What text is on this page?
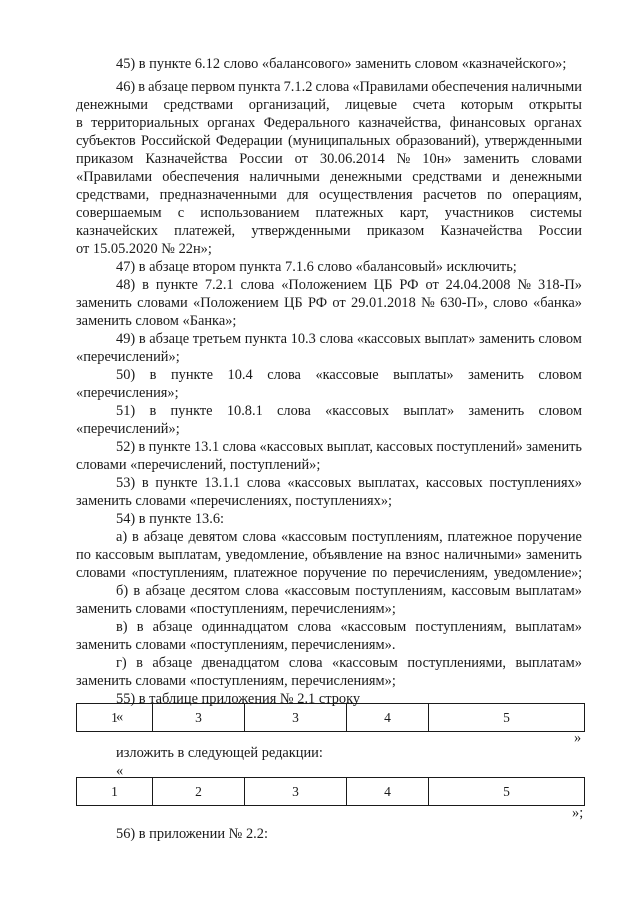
45) в пункте 6.12 слово «балансового» заменить словом «казначейского»;
46) в абзаце первом пункта 7.1.2 слова «Правилами обеспечения наличными
денежными средствами организаций, лицевые счета которым открыты
в территориальных органах Федерального казначейства, финансовых органах
субъектов Российской Федерации (муниципальных образований), утвержденными
приказом Казначейства России от 30.06.2014 № 10н» заменить словами
«Правилами обеспечения наличными денежными средствами и денежными
средствами, предназначенными для осуществления расчетов по операциям,
совершаемым с использованием платежных карт, участников системы
казначейских платежей, утвержденными приказом Казначейства России
от 15.05.2020 № 22н»;
47) в абзаце втором пункта 7.1.6 слово «балансовый» исключить;
48) в пункте 7.2.1 слова «Положением ЦБ РФ от 24.04.2008 № 318-П»
заменить словами «Положением ЦБ РФ от 29.01.2018 № 630-П», слово «банка»
заменить словом «Банка»;
49) в абзаце третьем пункта 10.3 слова «кассовых выплат» заменить словом
«перечислений»;
50) в пункте 10.4 слова «кассовые выплаты» заменить словом
«перечисления»;
51) в пункте 10.8.1 слова «кассовых выплат» заменить словом
«перечислений»;
52) в пункте 13.1 слова «кассовых выплат, кассовых поступлений» заменить
словами «перечислений, поступлений»;
53) в пункте 13.1.1 слова «кассовых выплатах, кассовых поступлениях»
заменить словами «перечислениях, поступлениях»;
54) в пункте 13.6:
а) в абзаце девятом слова «кассовым поступлениям, платежное поручение
по кассовым выплатам, уведомление, объявление на взнос наличными» заменить
словами «поступлениям, платежное поручение по перечислениям, уведомление»;
б) в абзаце десятом слова «кассовым поступлениям, кассовым выплатам»
заменить словами «поступлениям, перечислениям»;
в) в абзаце одиннадцатом слова «кассовым поступлениям, выплатам»
заменить словами «поступлениям, перечислениям».
г) в абзаце двенадцатом слова «кассовым поступлениями, выплатам»
заменить словами «поступлениям, перечислениям»;
55) в таблице приложения № 2.1 строку
«
1	3	3	4	5
»
изложить в следующей редакции:
«
1	2	3	4	5
»;
56) в приложении № 2.2:
